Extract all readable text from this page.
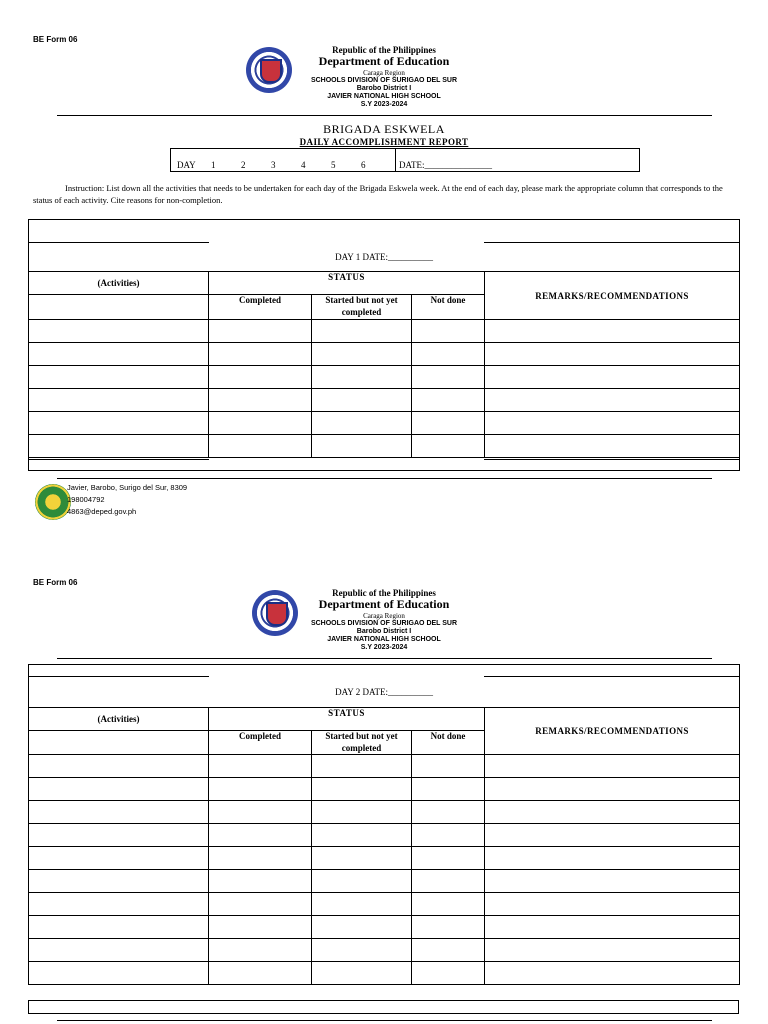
BE Form 06
Republic of the Philippines
Department of Education
Caraga Region
SCHOOLS DIVISION OF SURIGAO DEL SUR
Barobo District I
JAVIER NATIONAL HIGH SCHOOL
S.Y 2023-2024
BRIGADA ESKWELA
DAILY ACCOMPLISHMENT REPORT
DAY 1	2	3	4	5	6	DATE:_______________
Instruction: List down all the activities that needs to be undertaken for each day of the Brigada Eskwela week. At the end of each day, please mark the appropriate column that corresponds to the status of each activity. Cite reasons for non-completion.

DAY 1 DATE:__________				
(Activities)	STATUS			REMARKS/RECOMMENDATIONS
	Completed	Started but not yet completed	Not done	

Javier, Barobo, Surigo del Sur, 8309
198004792
4863@deped.gov.ph
BE Form 06
Republic of the Philippines
Department of Education
Caraga Region
SCHOOLS DIVISION OF SURIGAO DEL SUR
Barobo District I
JAVIER NATIONAL HIGH SCHOOL
S.Y 2023-2024

DAY 2 DATE:__________				
(Activities)	STATUS			REMARKS/RECOMMENDATIONS
	Completed	Started but not yet completed	Not done	
